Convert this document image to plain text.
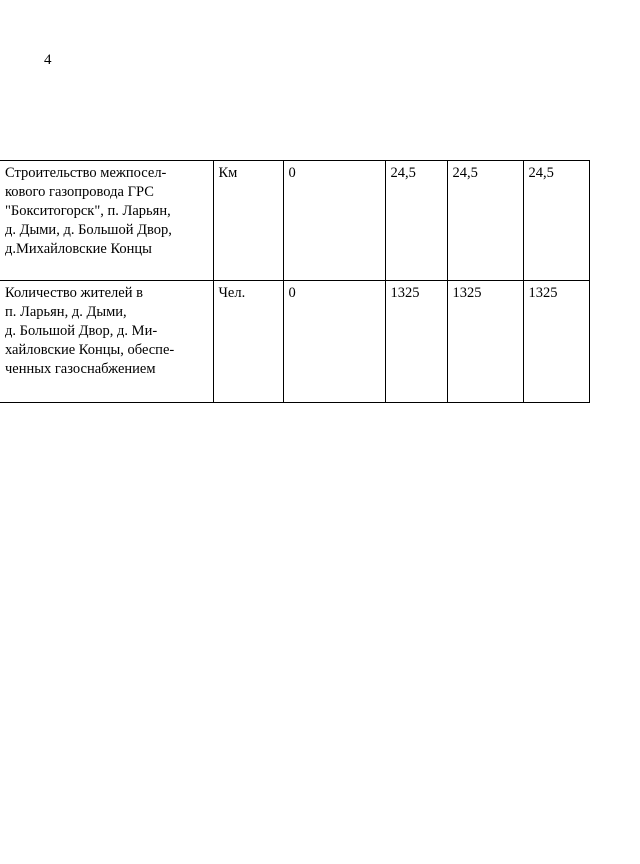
4
Строительство межпосел-
кового газопровода ГРС
"Бокситогорск", п. Ларьян,
д. Дыми, д. Большой Двор,
д.Михайловские Концы	Км	0	24,5	24,5	24,5

Количество жителей в
п. Ларьян, д. Дыми,
д. Большой Двор, д. Ми-
хайловские Концы, обеспе-
ченных газоснабжением	Чел.	0	1325	1325	1325
